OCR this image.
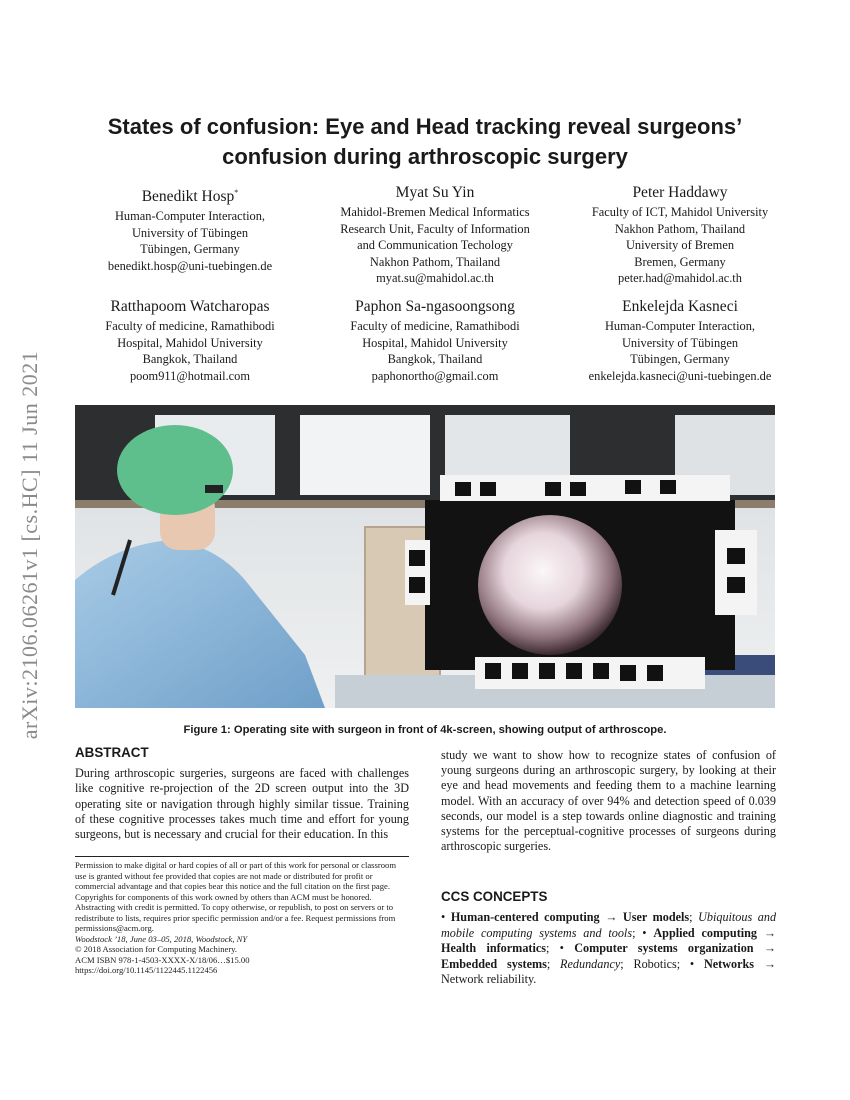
arXiv:2106.06261v1 [cs.HC] 11 Jun 2021
States of confusion: Eye and Head tracking reveal surgeons’
confusion during arthroscopic surgery
Benedikt Hosp*
Human-Computer Interaction,
University of Tübingen
Tübingen, Germany
benedikt.hosp@uni-tuebingen.de
Myat Su Yin
Mahidol-Bremen Medical Informatics
Research Unit, Faculty of Information
and Communication Techology
Nakhon Pathom, Thailand
myat.su@mahidol.ac.th
Peter Haddawy
Faculty of ICT, Mahidol University
Nakhon Pathom, Thailand
University of Bremen
Bremen, Germany
peter.had@mahidol.ac.th
Ratthapoom Watcharopas
Faculty of medicine, Ramathibodi
Hospital, Mahidol University
Bangkok, Thailand
poom911@hotmail.com
Paphon Sa-ngasoongsong
Faculty of medicine, Ramathibodi
Hospital, Mahidol University
Bangkok, Thailand
paphonortho@gmail.com
Enkelejda Kasneci
Human-Computer Interaction,
University of Tübingen
Tübingen, Germany
enkelejda.kasneci@uni-tuebingen.de
Figure 1: Operating site with surgeon in front of 4k-screen, showing output of arthroscope.
ABSTRACT

During arthroscopic surgeries, surgeons are faced with challenges like cognitive re-projection of the 2D screen output into the 3D operating site or navigation through highly similar tissue. Training of these cognitive processes takes much time and effort for young surgeons, but is necessary and crucial for their education. In this

study we want to show how to recognize states of confusion of young surgeons during an arthroscopic surgery, by looking at their eye and head movements and feeding them to a machine learning model. With an accuracy of over 94% and detection speed of 0.039 seconds, our model is a step towards online diagnostic and training systems for the perceptual-cognitive processes of surgeons during arthroscopic surgeries.

Permission to make digital or hard copies of all or part of this work for personal or classroom use is granted without fee provided that copies are not made or distributed for profit or commercial advantage and that copies bear this notice and the full citation on the first page. Copyrights for components of this work owned by others than ACM must be honored. Abstracting with credit is permitted. To copy otherwise, or republish, to post on servers or to redistribute to lists, requires prior specific permission and/or a fee. Request permissions from permissions@acm.org.
Woodstock ’18, June 03–05, 2018, Woodstock, NY
© 2018 Association for Computing Machinery.
ACM ISBN 978-1-4503-XXXX-X/18/06…$15.00
https://doi.org/10.1145/1122445.1122456
CCS CONCEPTS
• Human-centered computing → User models; Ubiquitous and mobile computing systems and tools; • Applied computing → Health informatics; • Computer systems organization → Embedded systems; Redundancy; Robotics; • Networks → Network reliability.
